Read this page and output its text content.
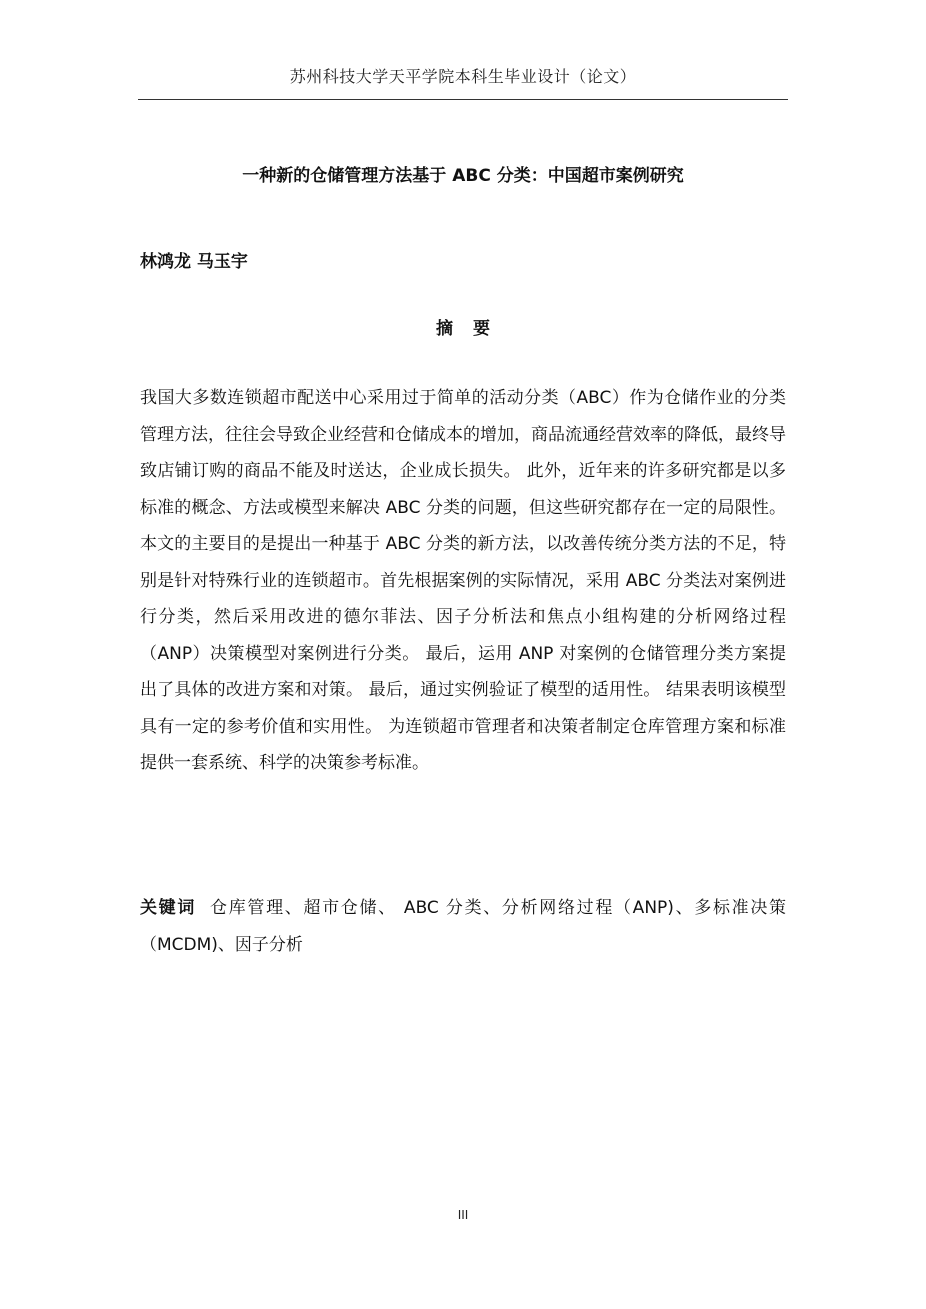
苏州科技大学天平学院本科生毕业设计（论文）
一种新的仓储管理方法基于 ABC 分类：中国超市案例研究
林鸿龙 马玉宇
摘要
我国大多数连锁超市配送中心采用过于简单的活动分类（ABC）作为仓储作业的分类管理方法，往往会导致企业经营和仓储成本的增加，商品流通经营效率的降低，最终导致店铺订购的商品不能及时送达，企业成长损失。 此外，近年来的许多研究都是以多标准的概念、方法或模型来解决 ABC 分类的问题，但这些研究都存在一定的局限性。本文的主要目的是提出一种基于 ABC 分类的新方法，以改善传统分类方法的不足，特别是针对特殊行业的连锁超市。首先根据案例的实际情况，采用 ABC 分类法对案例进行分类，然后采用改进的德尔菲法、因子分析法和焦点小组构建的分析网络过程（ANP）决策模型对案例进行分类。 最后，运用 ANP 对案例的仓储管理分类方案提出了具体的改进方案和对策。 最后，通过实例验证了模型的适用性。 结果表明该模型具有一定的参考价值和实用性。 为连锁超市管理者和决策者制定仓库管理方案和标准提供一套系统、科学的决策参考标准。
关键词 仓库管理、超市仓储、 ABC 分类、分析网络过程（ANP)、多标准决策（MCDM)、因子分析
III
